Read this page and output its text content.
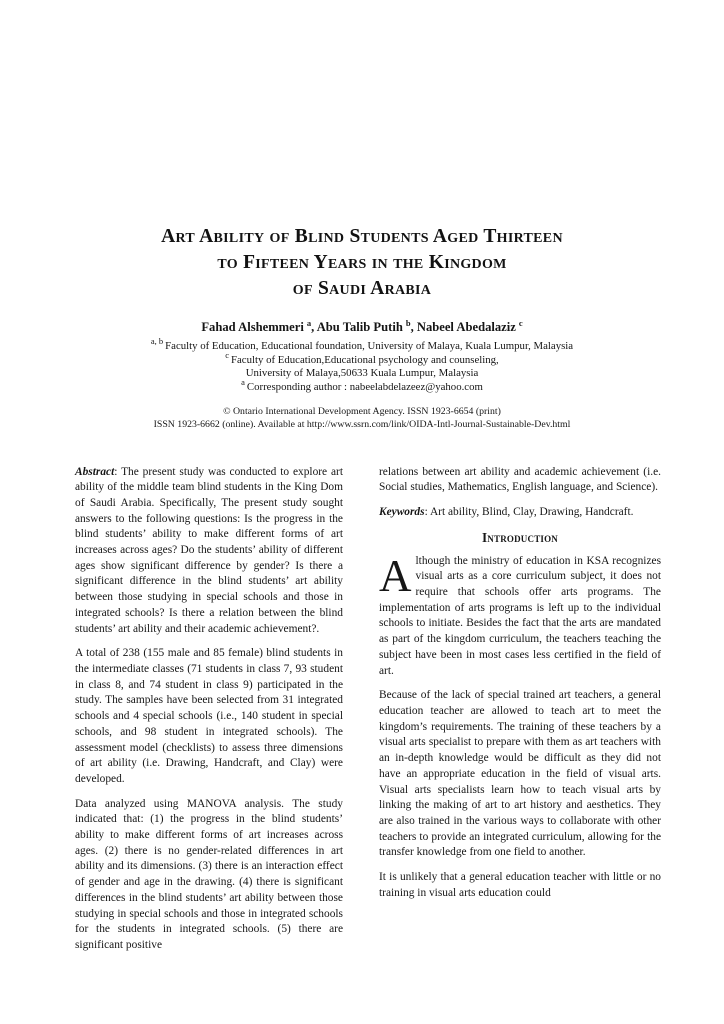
Art Ability of Blind Students Aged Thirteen
to Fifteen Years in the Kingdom
of Saudi Arabia
Fahad Alshemmeri $^a$, Abu Talib Putih $^b$, Nabeel Abedalaziz $^c$
$^{a, b}$ Faculty of Education, Educational foundation, University of Malaya, Kuala Lumpur, Malaysia
$^c$ Faculty of Education,Educational psychology and counseling,
University of Malaya,50633 Kuala Lumpur, Malaysia
$^a$ Corresponding author : nabeelabdelazeez@yahoo.com
© Ontario International Development Agency. ISSN 1923-6654 (print)
ISSN 1923-6662 (online). Available at http://www.ssrn.com/link/OIDA-Intl-Journal-Sustainable-Dev.html

Abstract: The present study was conducted to explore art ability of the middle team blind students in the King Dom of Saudi Arabia. Specifically, The present study sought answers to the following questions: Is the progress in the blind students’ ability to make different forms of art increases across ages? Do the students’ ability of different ages show significant difference by gender? Is there a significant difference in the blind students’ art ability between those studying in special schools and those in integrated schools? Is there a relation between the blind students’ art ability and their academic achievement?.

A total of 238 (155 male and 85 female) blind students in the intermediate classes (71 students in class 7, 93 student in class 8, and 74 student in class 9) participated in the study. The samples have been selected from 31 integrated schools and 4 special schools (i.e., 140 student in special schools, and 98 student in integrated schools). The assessment model (checklists) to assess three dimensions of art ability (i.e. Drawing, Handcraft, and Clay) were developed.

Data analyzed using MANOVA analysis. The study indicated that: (1) the progress in the blind students’ ability to make different forms of art increases across ages. (2) there is no gender-related differences in art ability and its dimensions. (3) there is an interaction effect of gender and age in the drawing. (4) there is significant differences in the blind students’ art ability between those studying in special schools and those in integrated schools for the students in integrated schools. (5) there are significant positive

relations between art ability and academic achievement (i.e. Social studies, Mathematics, English language, and Science).

Keywords: Art ability, Blind, Clay, Drawing, Handcraft.

Introduction

Although the ministry of education in KSA recognizes visual arts as a core curriculum subject, it does not require that schools offer arts programs. The implementation of arts programs is left up to the individual schools to initiate. Besides the fact that the arts are mandated as part of the kingdom curriculum, the teachers teaching the subject have been in most cases less certified in the field of art.

Because of the lack of special trained art teachers, a general education teacher are allowed to teach art to meet the kingdom’s requirements. The training of these teachers by a visual arts specialist to prepare with them as art teachers with an in-depth knowledge would be difficult as they did not have an appropriate education in the field of visual arts. Visual arts specialists learn how to teach visual arts by linking the making of art to art history and aesthetics. They are also trained in the various ways to collaborate with other teachers to provide an integrated curriculum, allowing for the transfer knowledge from one field to another.

It is unlikely that a general education teacher with little or no training in visual arts education could
